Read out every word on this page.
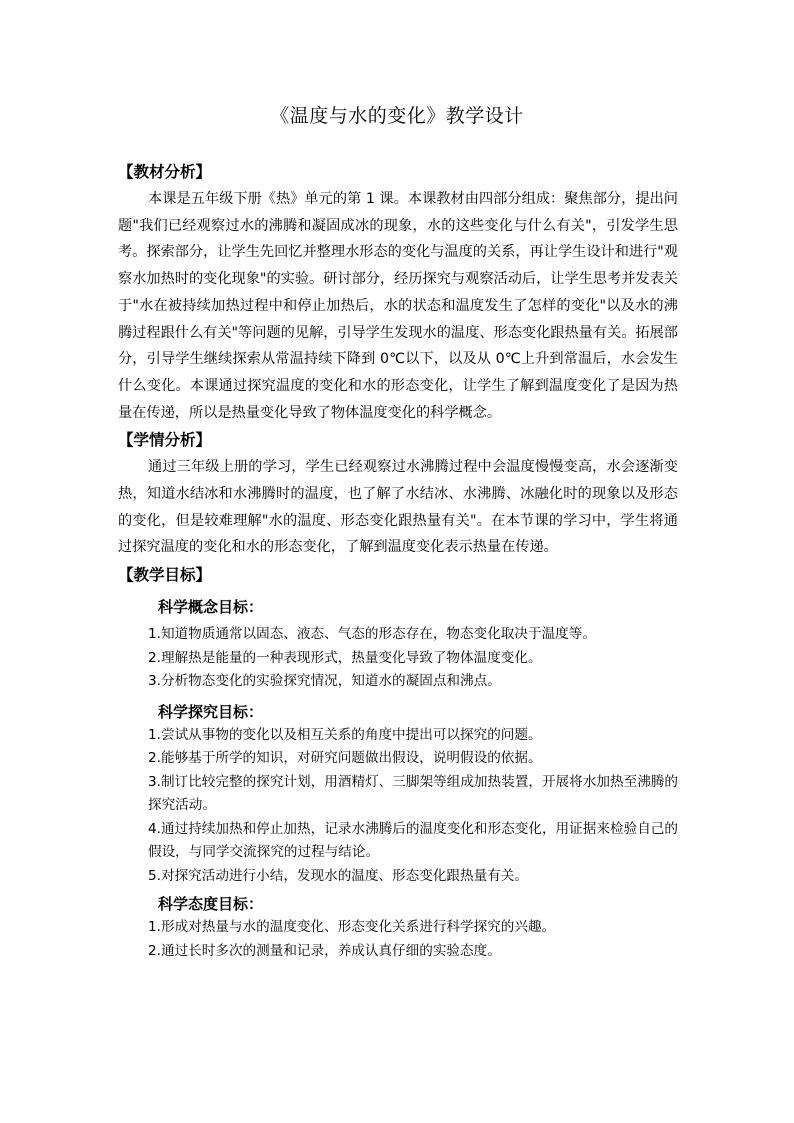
《温度与水的变化》教学设计
【教材分析】

本课是五年级下册《热》单元的第 1 课。本课教材由四部分组成：聚焦部分，提出问题"我们已经观察过水的沸腾和凝固成冰的现象，水的这些变化与什么有关"，引发学生思考。探索部分，让学生先回忆并整理水形态的变化与温度的关系，再让学生设计和进行"观察水加热时的变化现象"的实验。研讨部分，经历探究与观察活动后，让学生思考并发表关于"水在被持续加热过程中和停止加热后，水的状态和温度发生了怎样的变化"以及水的沸腾过程跟什么有关"等问题的见解，引导学生发现水的温度、形态变化跟热量有关。拓展部分，引导学生继续探索从常温持续下降到 0℃以下，以及从 0℃上升到常温后，水会发生什么变化。本课通过探究温度的变化和水的形态变化，让学生了解到温度变化了是因为热量在传递，所以是热量变化导致了物体温度变化的科学概念。

【学情分析】

通过三年级上册的学习，学生已经观察过水沸腾过程中会温度慢慢变高，水会逐渐变热，知道水结冰和水沸腾时的温度，也了解了水结冰、水沸腾、冰融化时的现象以及形态的变化，但是较难理解"水的温度、形态变化跟热量有关"。在本节课的学习中，学生将通过探究温度的变化和水的形态变化，了解到温度变化表示热量在传递。

【教学目标】
科学概念目标：

1.知道物质通常以固态、液态、气态的形态存在，物态变化取决于温度等。

2.理解热是能量的一种表现形式，热量变化导致了物体温度变化。

3.分析物态变化的实验探究情况，知道水的凝固点和沸点。

科学探究目标：

1.尝试从事物的变化以及相互关系的角度中提出可以探究的问题。

2.能够基于所学的知识，对研究问题做出假设，说明假设的依据。

3.制订比较完整的探究计划，用酒精灯、三脚架等组成加热装置，开展将水加热至沸腾的探究活动。

4.通过持续加热和停止加热，记录水沸腾后的温度变化和形态变化，用证据来检验自己的假设，与同学交流探究的过程与结论。

5.对探究活动进行小结，发现水的温度、形态变化跟热量有关。

科学态度目标：

1.形成对热量与水的温度变化、形态变化关系进行科学探究的兴趣。

2.通过长时多次的测量和记录，养成认真仔细的实验态度。
